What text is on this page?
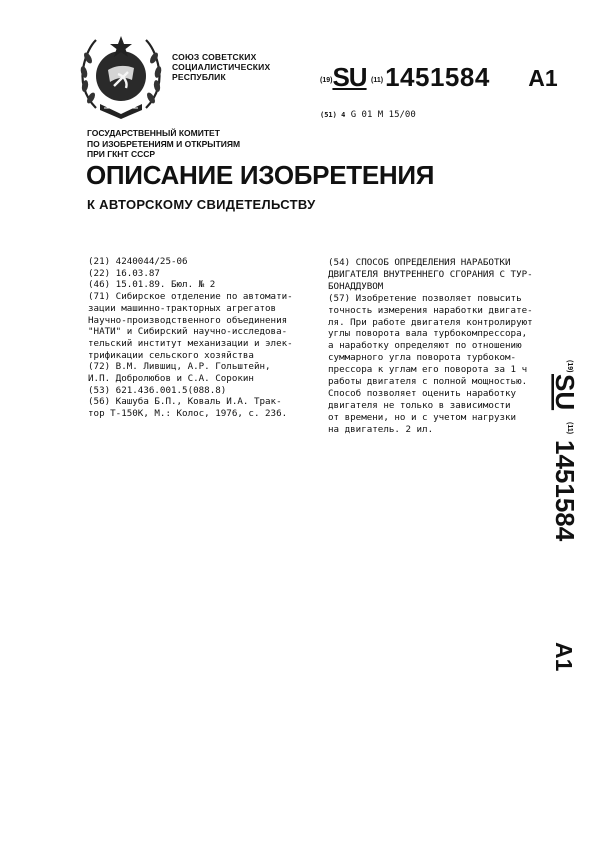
СОЮЗ СОВЕТСКИХ
СОЦИАЛИСТИЧЕСКИХ
РЕСПУБЛИК	$^{(19)}$SU $^{(11)}$1451584 A1
(51) 4 G 01 M 15/00
ГОСУДАРСТВЕННЫЙ КОМИТЕТ
ПО ИЗОБРЕТЕНИЯМ И ОТКРЫТИЯМ
ПРИ ГКНТ СССР
ОПИСАНИЕ ИЗОБРЕТЕНИЯ
К АВТОРСКОМУ СВИДЕТЕЛЬСТВУ
(21) 4240044/25-06
(22) 16.03.87
(46) 15.01.89. Бюл. № 2
(71) Сибирское отделение по автомати-
зации машинно-тракторных агрегатов
Научно-производственного объединения
"НАТИ" и Сибирский научно-исследова-
тельский институт механизации и элек-
трификации сельского хозяйства
(72) В.М. Лившиц, А.Р. Гольштейн,
И.П. Добролюбов и С.А. Сорокин
(53) 621.436.001.5(088.8)
(56) Кашуба Б.П., Коваль И.А. Трак-
тор Т-150К, М.: Колос, 1976, с. 236.
(54) СПОСОБ ОПРЕДЕЛЕНИЯ НАРАБОТКИ
ДВИГАТЕЛЯ ВНУТРЕННЕГО СГОРАНИЯ С ТУР-
БОНАДДУВОМ
(57) Изобретение позволяет повысить
точность измерения наработки двигате-
ля. При работе двигателя контролируют
углы поворота вала турбокомпрессора,
а наработку определяют по отношению
суммарного угла поворота турбоком-
прессора к углам его поворота за 1 ч
работы двигателя с полной мощностью.
Способ позволяет оценить наработку
двигателя не только в зависимости
от времени, но и с учетом нагрузки
на двигатель. 2 ил.
(19)
SU
(11)
1451584
A1
